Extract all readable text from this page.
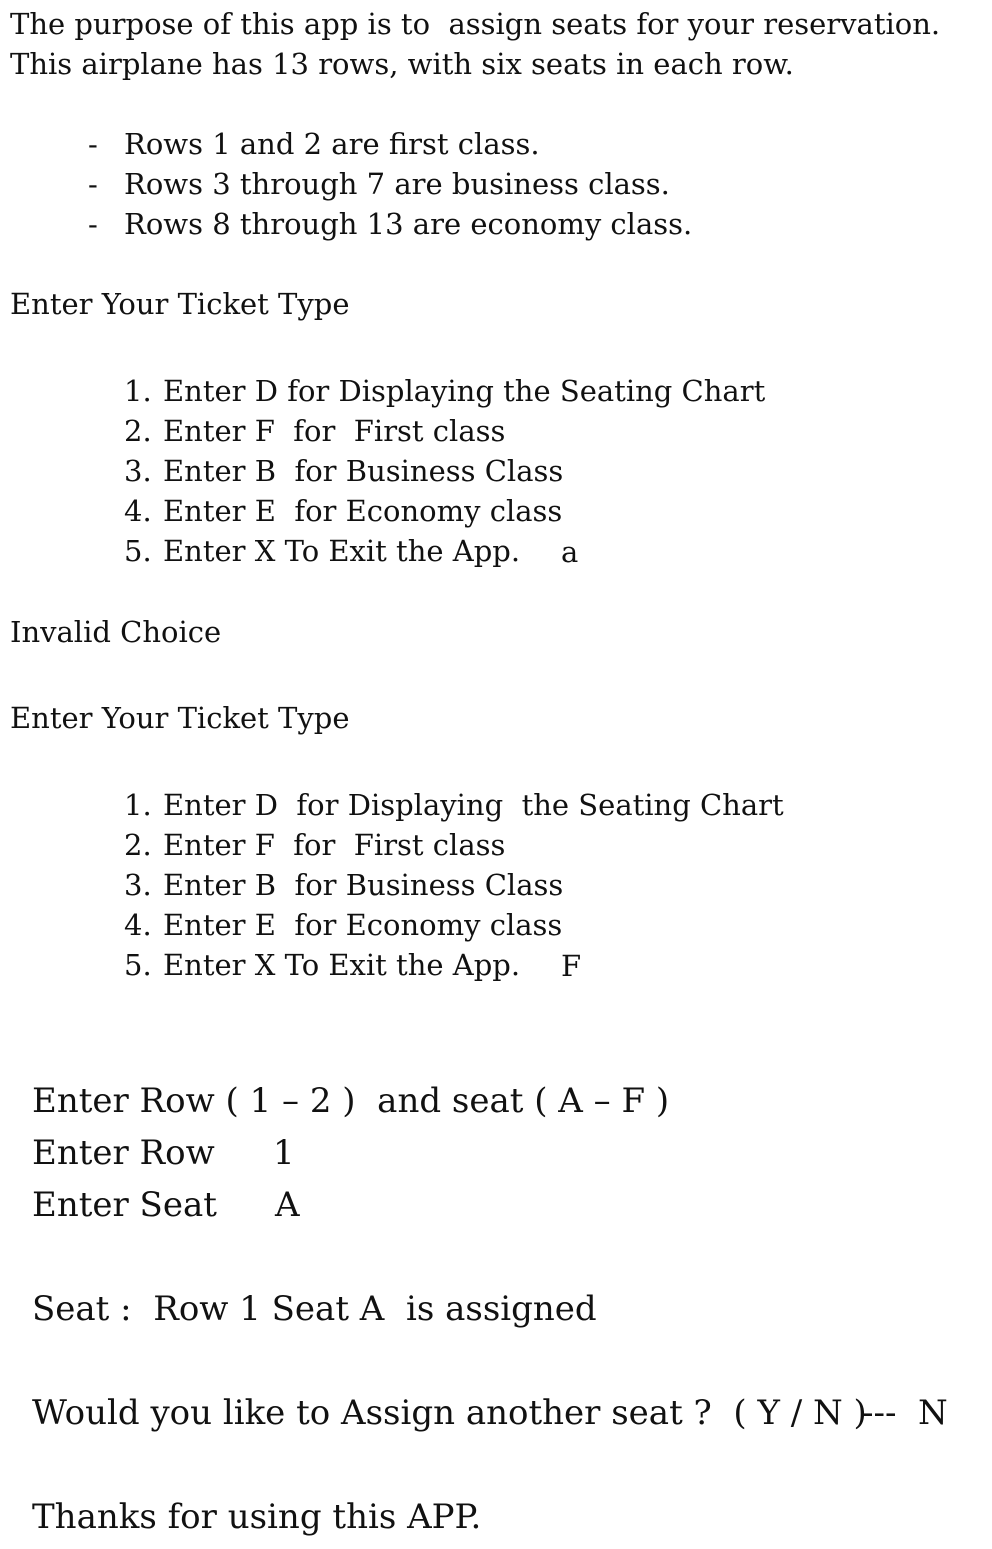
The purpose of this app is to  assign seats for your reservation.
This airplane has 13 rows, with six seats in each row.
- Rows 1 and 2 are first class.
- Rows 3 through 7 are business class.
- Rows 8 through 13 are economy class.
Enter Your Ticket Type
1. Enter D for Displaying the Seating Chart
2. Enter F  for  First class
3. Enter B  for Business Class
4. Enter E  for Economy class
5. Enter X To Exit the App. a
Invalid Choice
Enter Your Ticket Type
1. Enter D  for Displaying  the Seating Chart
2. Enter F  for  First class
3. Enter B  for Business Class
4. Enter E  for Economy class
5. Enter X To Exit the App. F
Enter Row ( 1 – 2 )  and seat ( A – F )
Enter Row 1
Enter Seat A
Seat :  Row 1 Seat A  is assigned
Would you like to Assign another seat ?  ( Y / N )
--- N
Thanks for using this APP.
